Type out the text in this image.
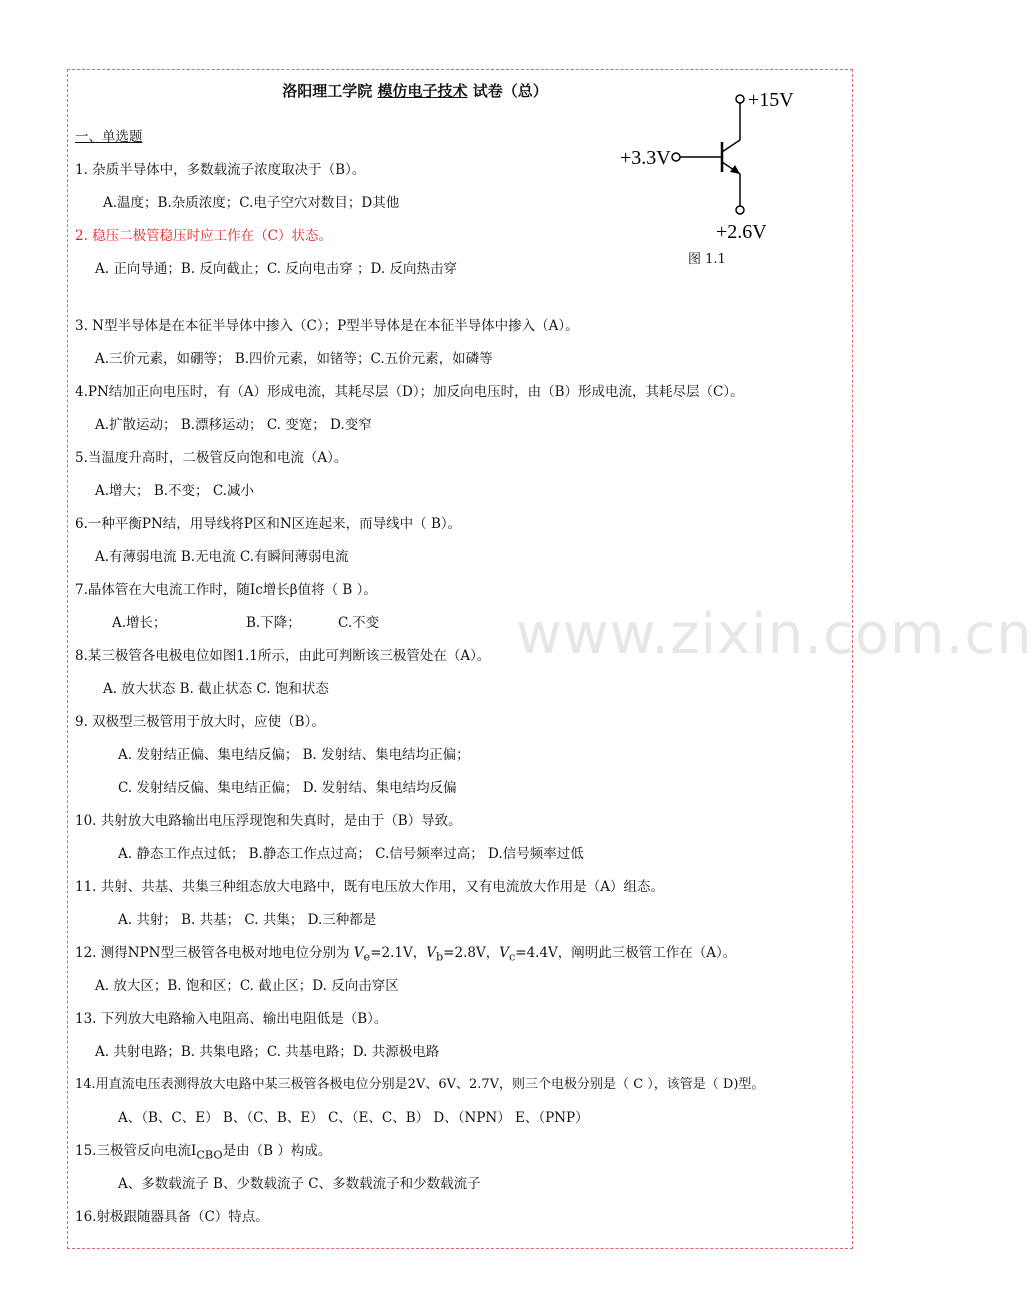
洛阳理工学院 模仿电子技术 试卷（总）
一、单选题
+15V
+3.3V
+2.6V
图 1.1
1. 杂质半导体中，多数载流子浓度取决于（B）。
A.温度；B.杂质浓度；C.电子空穴对数目；D其他
2. 稳压二极管稳压时应工作在（C）状态。
A. 正向导通；B. 反向截止；C. 反向电击穿 ；D. 反向热击穿
3. N型半导体是在本征半导体中掺入（C）；P型半导体是在本征半导体中掺入（A）。
A.三价元素，如硼等； B.四价元素，如锗等；C.五价元素，如磷等
4.PN结加正向电压时，有（A）形成电流，其耗尽层（D）；加反向电压时，由（B）形成电流，其耗尽层（C）。
A.扩散运动； B.漂移运动； C. 变宽； D.变窄
5.当温度升高时，二极管反向饱和电流（A）。
A.增大； B.不变； C.减小
6.一种平衡PN结，用导线将P区和N区连起来，而导线中（ B）。
A.有薄弱电流 B.无电流 C.有瞬间薄弱电流
7.晶体管在大电流工作时，随Ic增长β值将（ B ）。
A.增长；	B.下降；	C.不变
8.某三极管各电极电位如图1.1所示，由此可判断该三极管处在（A）。
A. 放大状态 B. 截止状态 C. 饱和状态
9. 双极型三极管用于放大时，应使（B）。
A. 发射结正偏、集电结反偏； B. 发射结、集电结均正偏；
C. 发射结反偏、集电结正偏； D. 发射结、集电结均反偏
10. 共射放大电路输出电压浮现饱和失真时，是由于（B）导致。
A. 静态工作点过低； B.静态工作点过高； C.信号频率过高； D.信号频率过低
11. 共射、共基、共集三种组态放大电路中，既有电压放大作用，又有电流放大作用是（A）组态。
A. 共射； B. 共基； C. 共集； D.三种都是
12. 测得NPN型三极管各电极对地电位分别为 $V_e=2.1V$，$V_b=2.8V$，$V_c=4.4V$，阐明此三极管工作在（A）。
A. 放大区；B. 饱和区；C. 截止区；D. 反向击穿区
13. 下列放大电路输入电阻高、输出电阻低是（B）。
A. 共射电路；B. 共集电路；C. 共基电路；D. 共源极电路
14.用直流电压表测得放大电路中某三极管各极电位分别是2V、6V、2.7V，则三个电极分别是（ C ），该管是（ D)型。
A、（B、C、E） B、（C、B、E） C、（E、C、B） D、（NPN） E、（PNP）
15.三极管反向电流$I_{CBO}$是由（B ）构成。
A、多数载流子 B、少数载流子 C、多数载流子和少数载流子
16.射极跟随器具备（C）特点。
www.zixin.com.cn
